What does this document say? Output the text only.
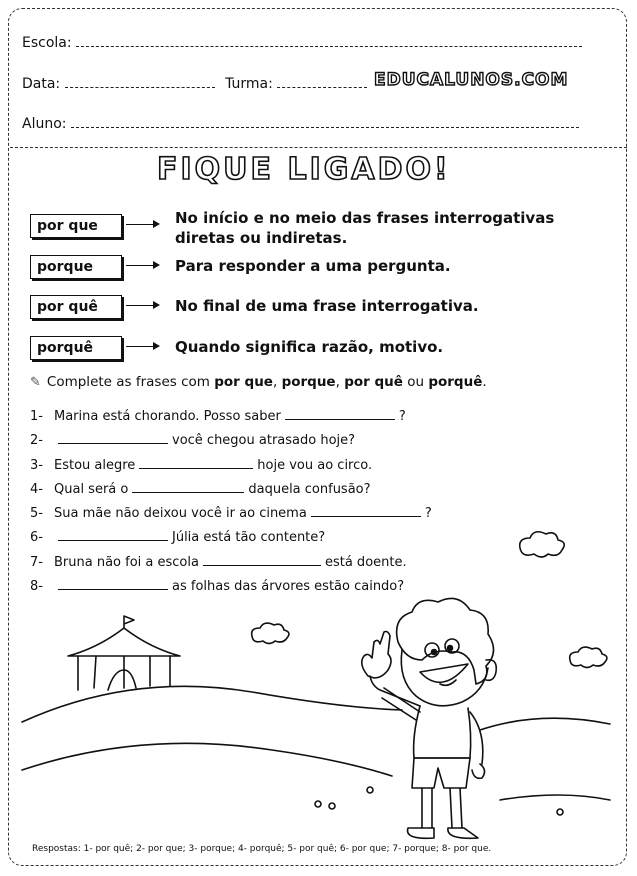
Escola:
Data:	Turma:	EDUCALUNOS.COM
Aluno:
FIQUE LIGADO!
por que	No início e no meio das frases interrogativas diretas ou indiretas.
porque	Para responder a uma pergunta.
por quê	No final de uma frase interrogativa.
porquê	Quando significa razão, motivo.
✎ Complete as frases com por que, porque, por quê ou porquê.
1- Marina está chorando. Posso saber	?
2-	você chegou atrasado hoje?
3- Estou alegre	hoje vou ao circo.
4- Qual será o	daquela confusão?
5- Sua mãe não deixou você ir ao cinema	?
6-	Júlia está tão contente?
7- Bruna não foi a escola	está doente.
8-	as folhas das árvores estão caindo?
Respostas: 1- por quê; 2- por que; 3- porque; 4- porquê; 5- por quê; 6- por que; 7- porque; 8- por que.
